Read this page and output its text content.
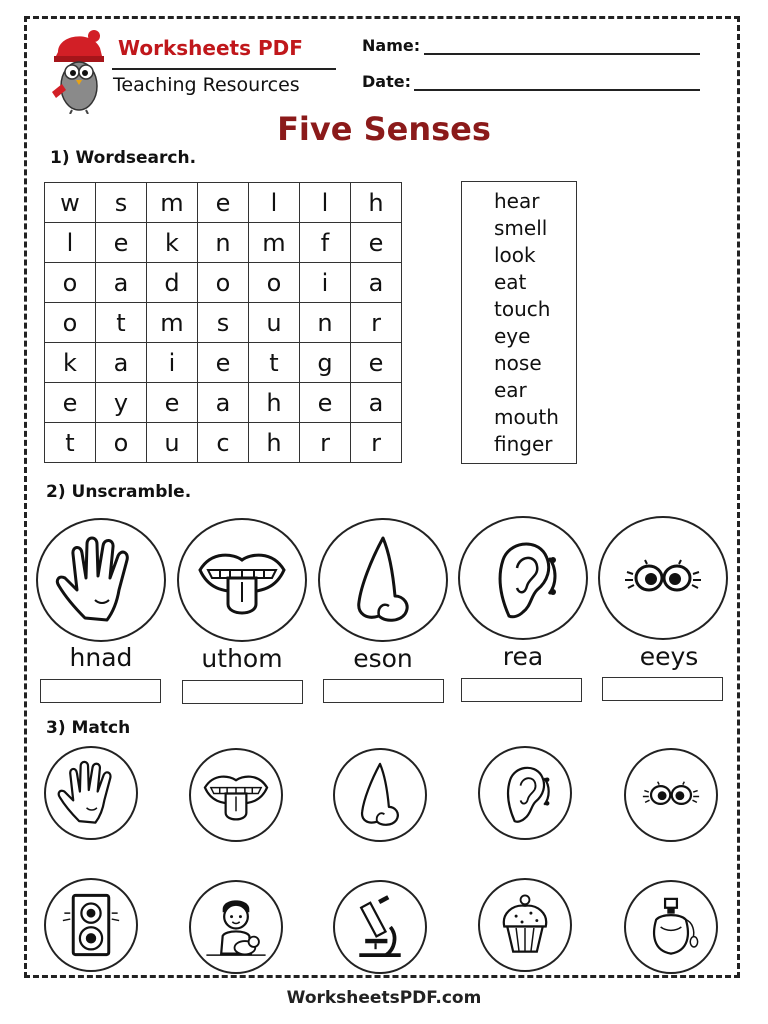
Worksheets PDF
Teaching Resources
Name:
Date:
Five Senses
1) Wordsearch.
w	s	m	e	l	l	h
l	e	k	n	m	f	e
o	a	d	o	o	i	a
o	t	m	s	u	n	r
k	a	i	e	t	g	e
e	y	e	a	h	e	a
t	o	u	c	h	r	r
hear
smell
look
eat
touch
eye
nose
ear
mouth
finger
2) Unscramble.
hnad	uthom	eson	rea	eeys
3) Match
WorksheetsPDF.com
